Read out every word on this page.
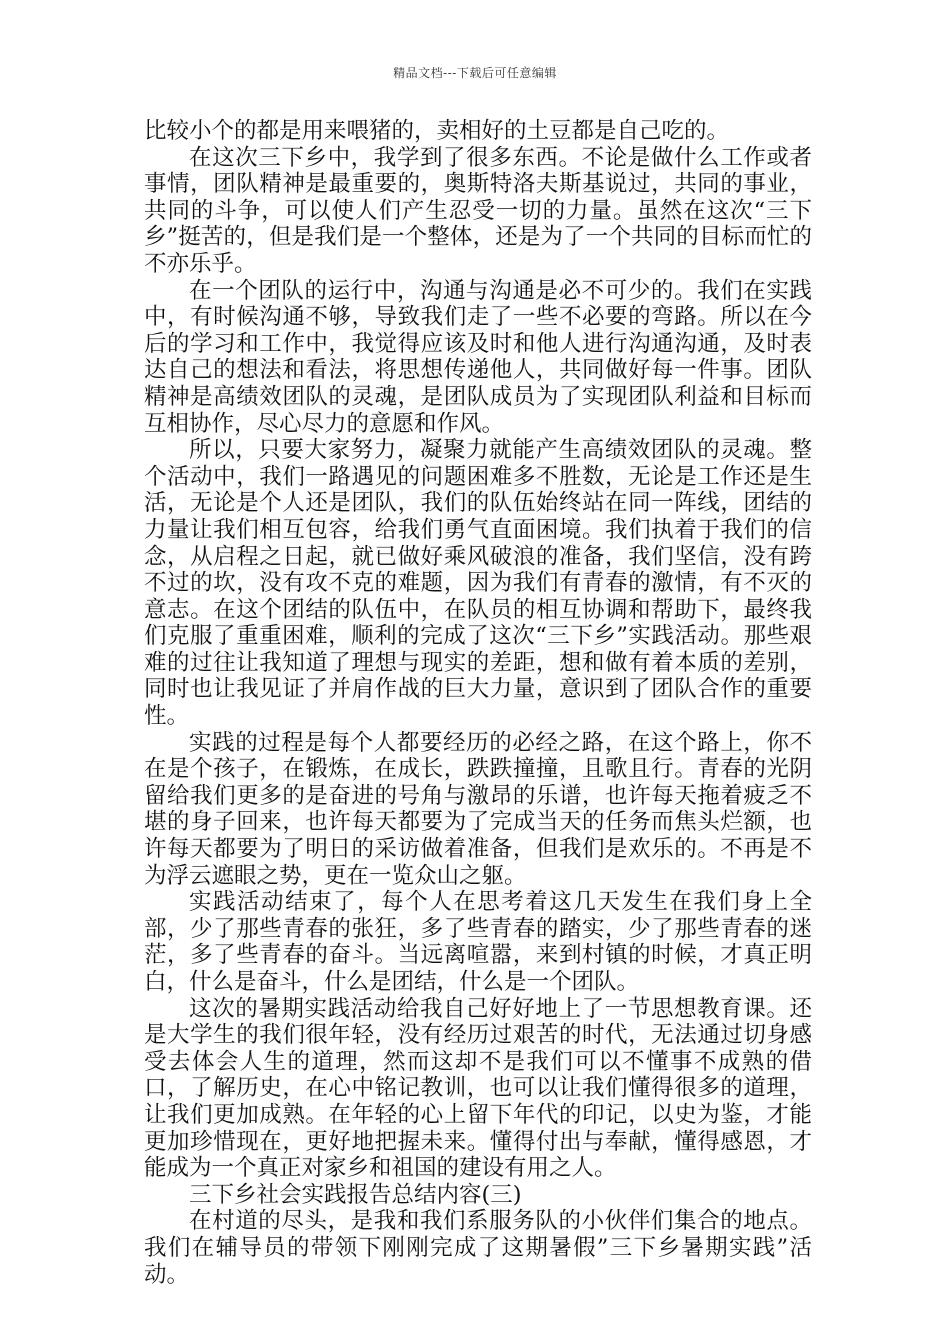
精品文档---下载后可任意编辑

比较小个的都是用来喂猪的，卖相好的土豆都是自己吃的。

在这次三下乡中，我学到了很多东西。不论是做什么工作或者事情，团队精神是最重要的，奥斯特洛夫斯基说过，共同的事业，共同的斗争，可以使人们产生忍受一切的力量。虽然在这次“三下乡”挺苦的，但是我们是一个整体，还是为了一个共同的目标而忙的不亦乐乎。

在一个团队的运行中，沟通与沟通是必不可少的。我们在实践中，有时候沟通不够，导致我们走了一些不必要的弯路。所以在今后的学习和工作中，我觉得应该及时和他人进行沟通沟通，及时表达自己的想法和看法，将思想传递他人，共同做好每一件事。团队精神是高绩效团队的灵魂，是团队成员为了实现团队利益和目标而互相协作，尽心尽力的意愿和作风。

所以，只要大家努力，凝聚力就能产生高绩效团队的灵魂。整个活动中，我们一路遇见的问题困难多不胜数，无论是工作还是生活，无论是个人还是团队，我们的队伍始终站在同一阵线，团结的力量让我们相互包容，给我们勇气直面困境。我们执着于我们的信念，从启程之日起，就已做好乘风破浪的准备，我们坚信，没有跨不过的坎，没有攻不克的难题，因为我们有青春的激情，有不灭的意志。在这个团结的队伍中，在队员的相互协调和帮助下，最终我们克服了重重困难，顺利的完成了这次“三下乡”实践活动。那些艰难的过往让我知道了理想与现实的差距，想和做有着本质的差别，同时也让我见证了并肩作战的巨大力量，意识到了团队合作的重要性。

实践的过程是每个人都要经历的必经之路，在这个路上，你不在是个孩子，在锻炼，在成长，跌跌撞撞，且歌且行。青春的光阴留给我们更多的是奋进的号角与激昂的乐谱，也许每天拖着疲乏不堪的身子回来，也许每天都要为了完成当天的任务而焦头烂额，也许每天都要为了明日的采访做着准备，但我们是欢乐的。不再是不为浮云遮眼之势，更在一览众山之躯。

实践活动结束了，每个人在思考着这几天发生在我们身上全部，少了那些青春的张狂，多了些青春的踏实，少了那些青春的迷茫，多了些青春的奋斗。当远离喧嚣，来到村镇的时候，才真正明白，什么是奋斗，什么是团结，什么是一个团队。

这次的暑期实践活动给我自己好好地上了一节思想教育课。还是大学生的我们很年轻，没有经历过艰苦的时代，无法通过切身感受去体会人生的道理，然而这却不是我们可以不懂事不成熟的借口，了解历史，在心中铭记教训，也可以让我们懂得很多的道理，让我们更加成熟。在年轻的心上留下年代的印记，以史为鉴，才能更加珍惜现在，更好地把握未来。懂得付出与奉献，懂得感恩，才能成为一个真正对家乡和祖国的建设有用之人。

三下乡社会实践报告总结内容(三)

在村道的尽头，是我和我们系服务队的小伙伴们集合的地点。我们在辅导员的带领下刚刚完成了这期暑假”三下乡暑期实践”活动。
